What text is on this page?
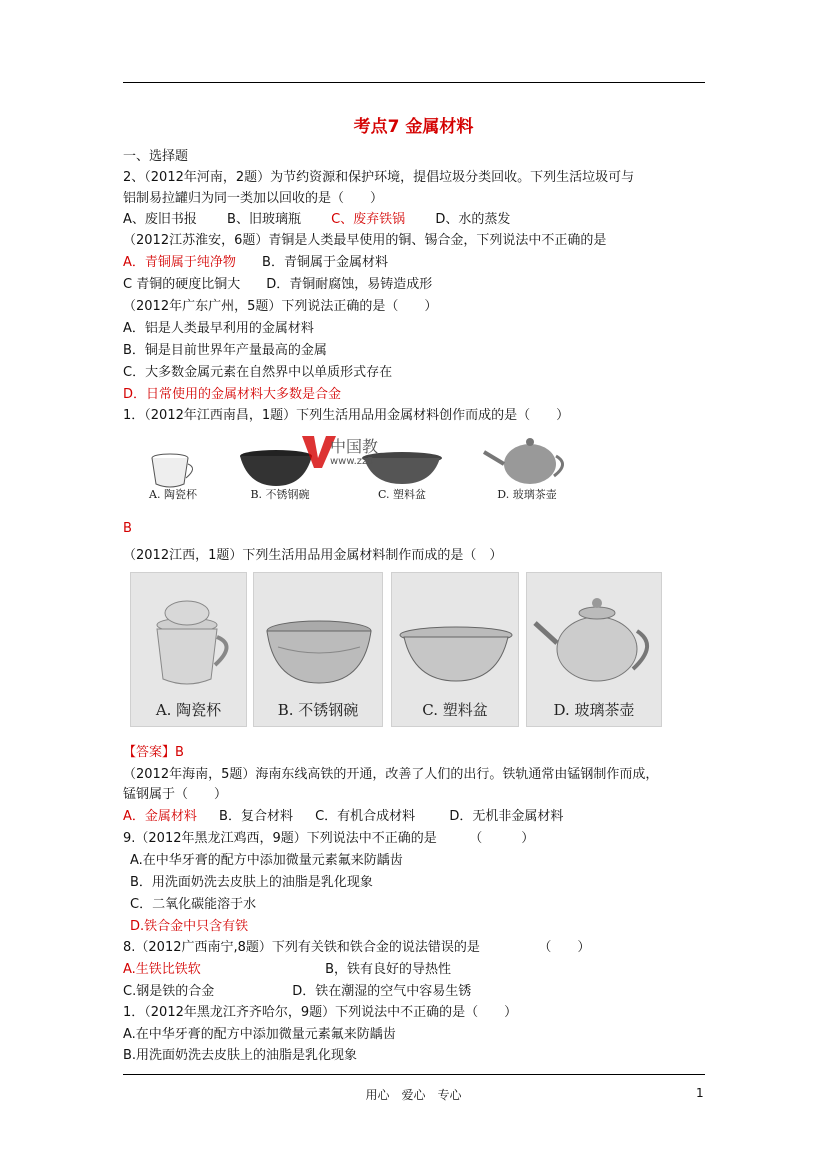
考点7 金属材料
一、选择题
2、（2012年河南，2题）为节约资源和保护环境，提倡垃圾分类回收。下列生活垃圾可与
铝制易拉罐归为同一类加以回收的是（　　）
A、废旧书报 B、旧玻璃瓶 C、废弃铁锅 D、水的蒸发
（2012江苏淮安，6题）青铜是人类最早使用的铜、锡合金，下列说法中不正确的是
A．青铜属于纯净物 B．青铜属于金属材料
C 青铜的硬度比铜大　　D．青铜耐腐蚀，易铸造成形
（2012年广东广州，5题）下列说法正确的是（　　）
A．铝是人类最早利用的金属材料
B．铜是目前世界年产量最高的金属
C．大多数金属元素在自然界中以单质形式存在
D．日常使用的金属材料大多数是合金
1．（2012年江西南昌，1题）下列生活用品用金属材料创作而成的是（　　）
A. 陶瓷杯	B. 不锈钢碗	C. 塑料盆	D. 玻璃茶壶
中国教
www.zz5
B
（2012江西，1题）下列生活用品用金属材料制作而成的是（　）
A. 陶瓷杯	B. 不锈钢碗	C. 塑料盆	D. 玻璃茶壶
【答案】B
（2012年海南，5题）海南东线高铁的开通，改善了人们的出行。铁轨通常由锰钢制作而成，
锰钢属于（　　）
A．金属材料 B．复合材料 C．有机合成材料	D．无机非金属材料
9.（2012年黑龙江鸡西，9题）下列说法中不正确的是　　　（　　　）
A.在中华牙膏的配方中添加微量元素氟来防龋齿
B．用洗面奶洗去皮肤上的油脂是乳化现象
C．二氧化碳能溶于水
D.铁合金中只含有铁
8.（2012广西南宁,8题）下列有关铁和铁合金的说法错误的是　　　　　（　　）
A.生铁比铁软	B，铁有良好的导热性
C.钢是铁的合金　　　　　　D．铁在潮湿的空气中容易生锈
1．（2012年黑龙江齐齐哈尔，9题）下列说法中不正确的是（　　）
A.在中华牙膏的配方中添加微量元素氟来防龋齿
B.用洗面奶洗去皮肤上的油脂是乳化现象
用心　爱心　专心	1
